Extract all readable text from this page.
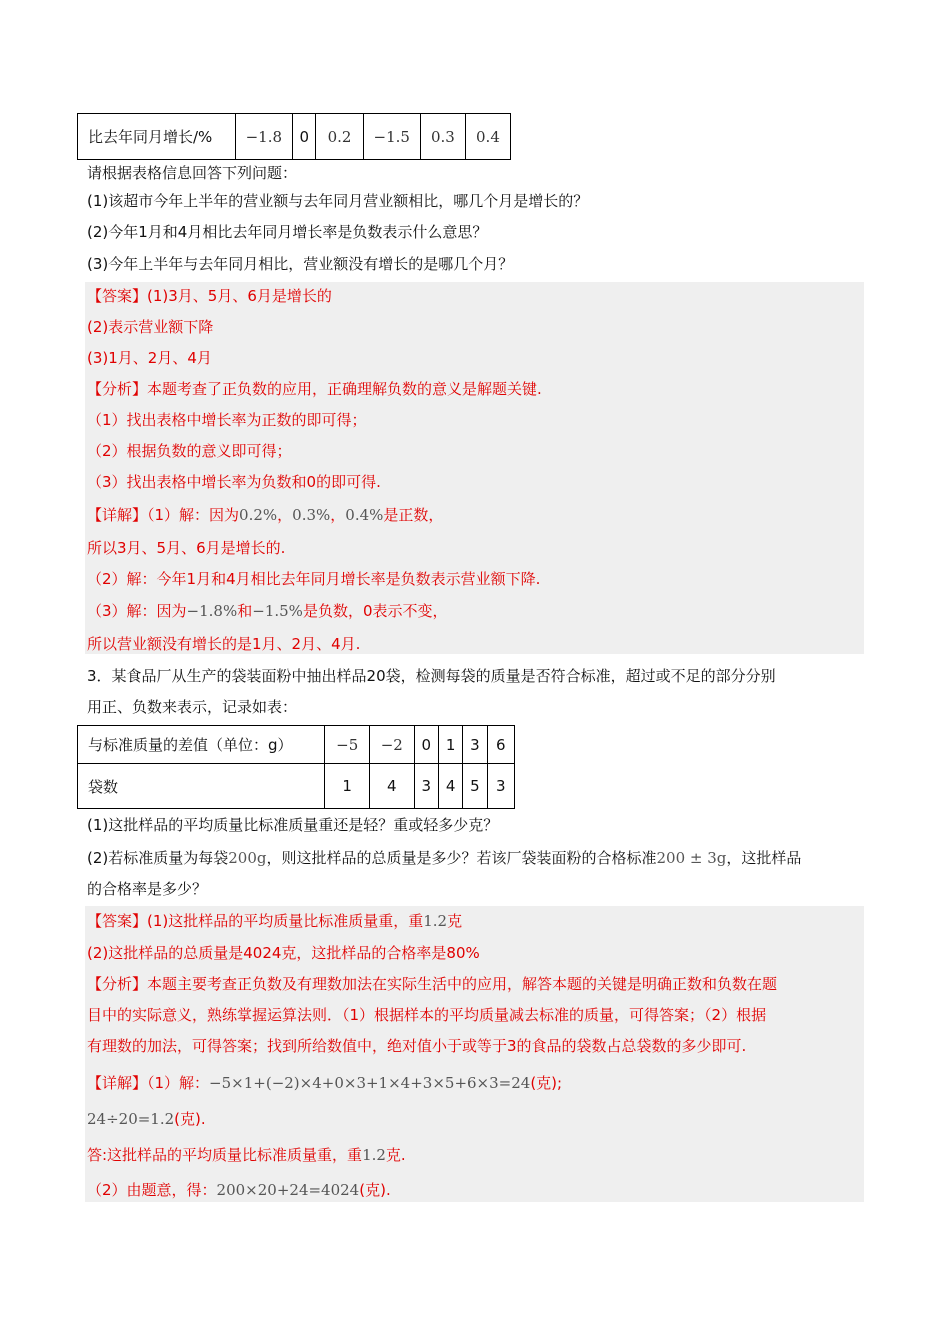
比去年同月增长/%	−1.8	0	0.2	−1.5	0.3	0.4
请根据表格信息回答下列问题：
(1)该超市今年上半年的营业额与去年同月营业额相比，哪几个月是增长的？
(2)今年1月和4月相比去年同月增长率是负数表示什么意思？
(3)今年上半年与去年同月相比，营业额没有增长的是哪几个月？
【答案】(1)3月、5月、6月是增长的
(2)表示营业额下降
(3)1月、2月、4月
【分析】本题考查了正负数的应用，正确理解负数的意义是解题关键.
（1）找出表格中增长率为正数的即可得；
（2）根据负数的意义即可得；
（3）找出表格中增长率为负数和0的即可得.
【详解】（1）解：因为0.2%，0.3%，0.4%是正数，
所以3月、5月、6月是增长的.
（2）解：今年1月和4月相比去年同月增长率是负数表示营业额下降.
（3）解：因为−1.8%和−1.5%是负数，0表示不变，
所以营业额没有增长的是1月、2月、4月.
3．某食品厂从生产的袋装面粉中抽出样品20袋，检测每袋的质量是否符合标准，超过或不足的部分分别
用正、负数来表示，记录如表：
与标准质量的差值（单位：g）	−5	−2	0	1	3	6
袋数	1	4	3	4	5	3
(1)这批样品的平均质量比标准质量重还是轻？重或轻多少克？
(2)若标准质量为每袋200g，则这批样品的总质量是多少？若该厂袋装面粉的合格标准200 ± 3g，这批样品
的合格率是多少？
【答案】(1)这批样品的平均质量比标准质量重，重1.2克
(2)这批样品的总质量是4024克，这批样品的合格率是80%
【分析】本题主要考查正负数及有理数加法在实际生活中的应用，解答本题的关键是明确正数和负数在题
目中的实际意义，熟练掌握运算法则．（1）根据样本的平均质量减去标准的质量，可得答案；（2）根据
有理数的加法，可得答案；找到所给数值中，绝对值小于或等于3的食品的袋数占总袋数的多少即可.
【详解】（1）解：−5×1+(−2)×4+0×3+1×4+3×5+6×3=24(克);
24÷20=1.2(克).
答:这批样品的平均质量比标准质量重，重1.2克.
（2）由题意，得：200×20+24=4024(克).
